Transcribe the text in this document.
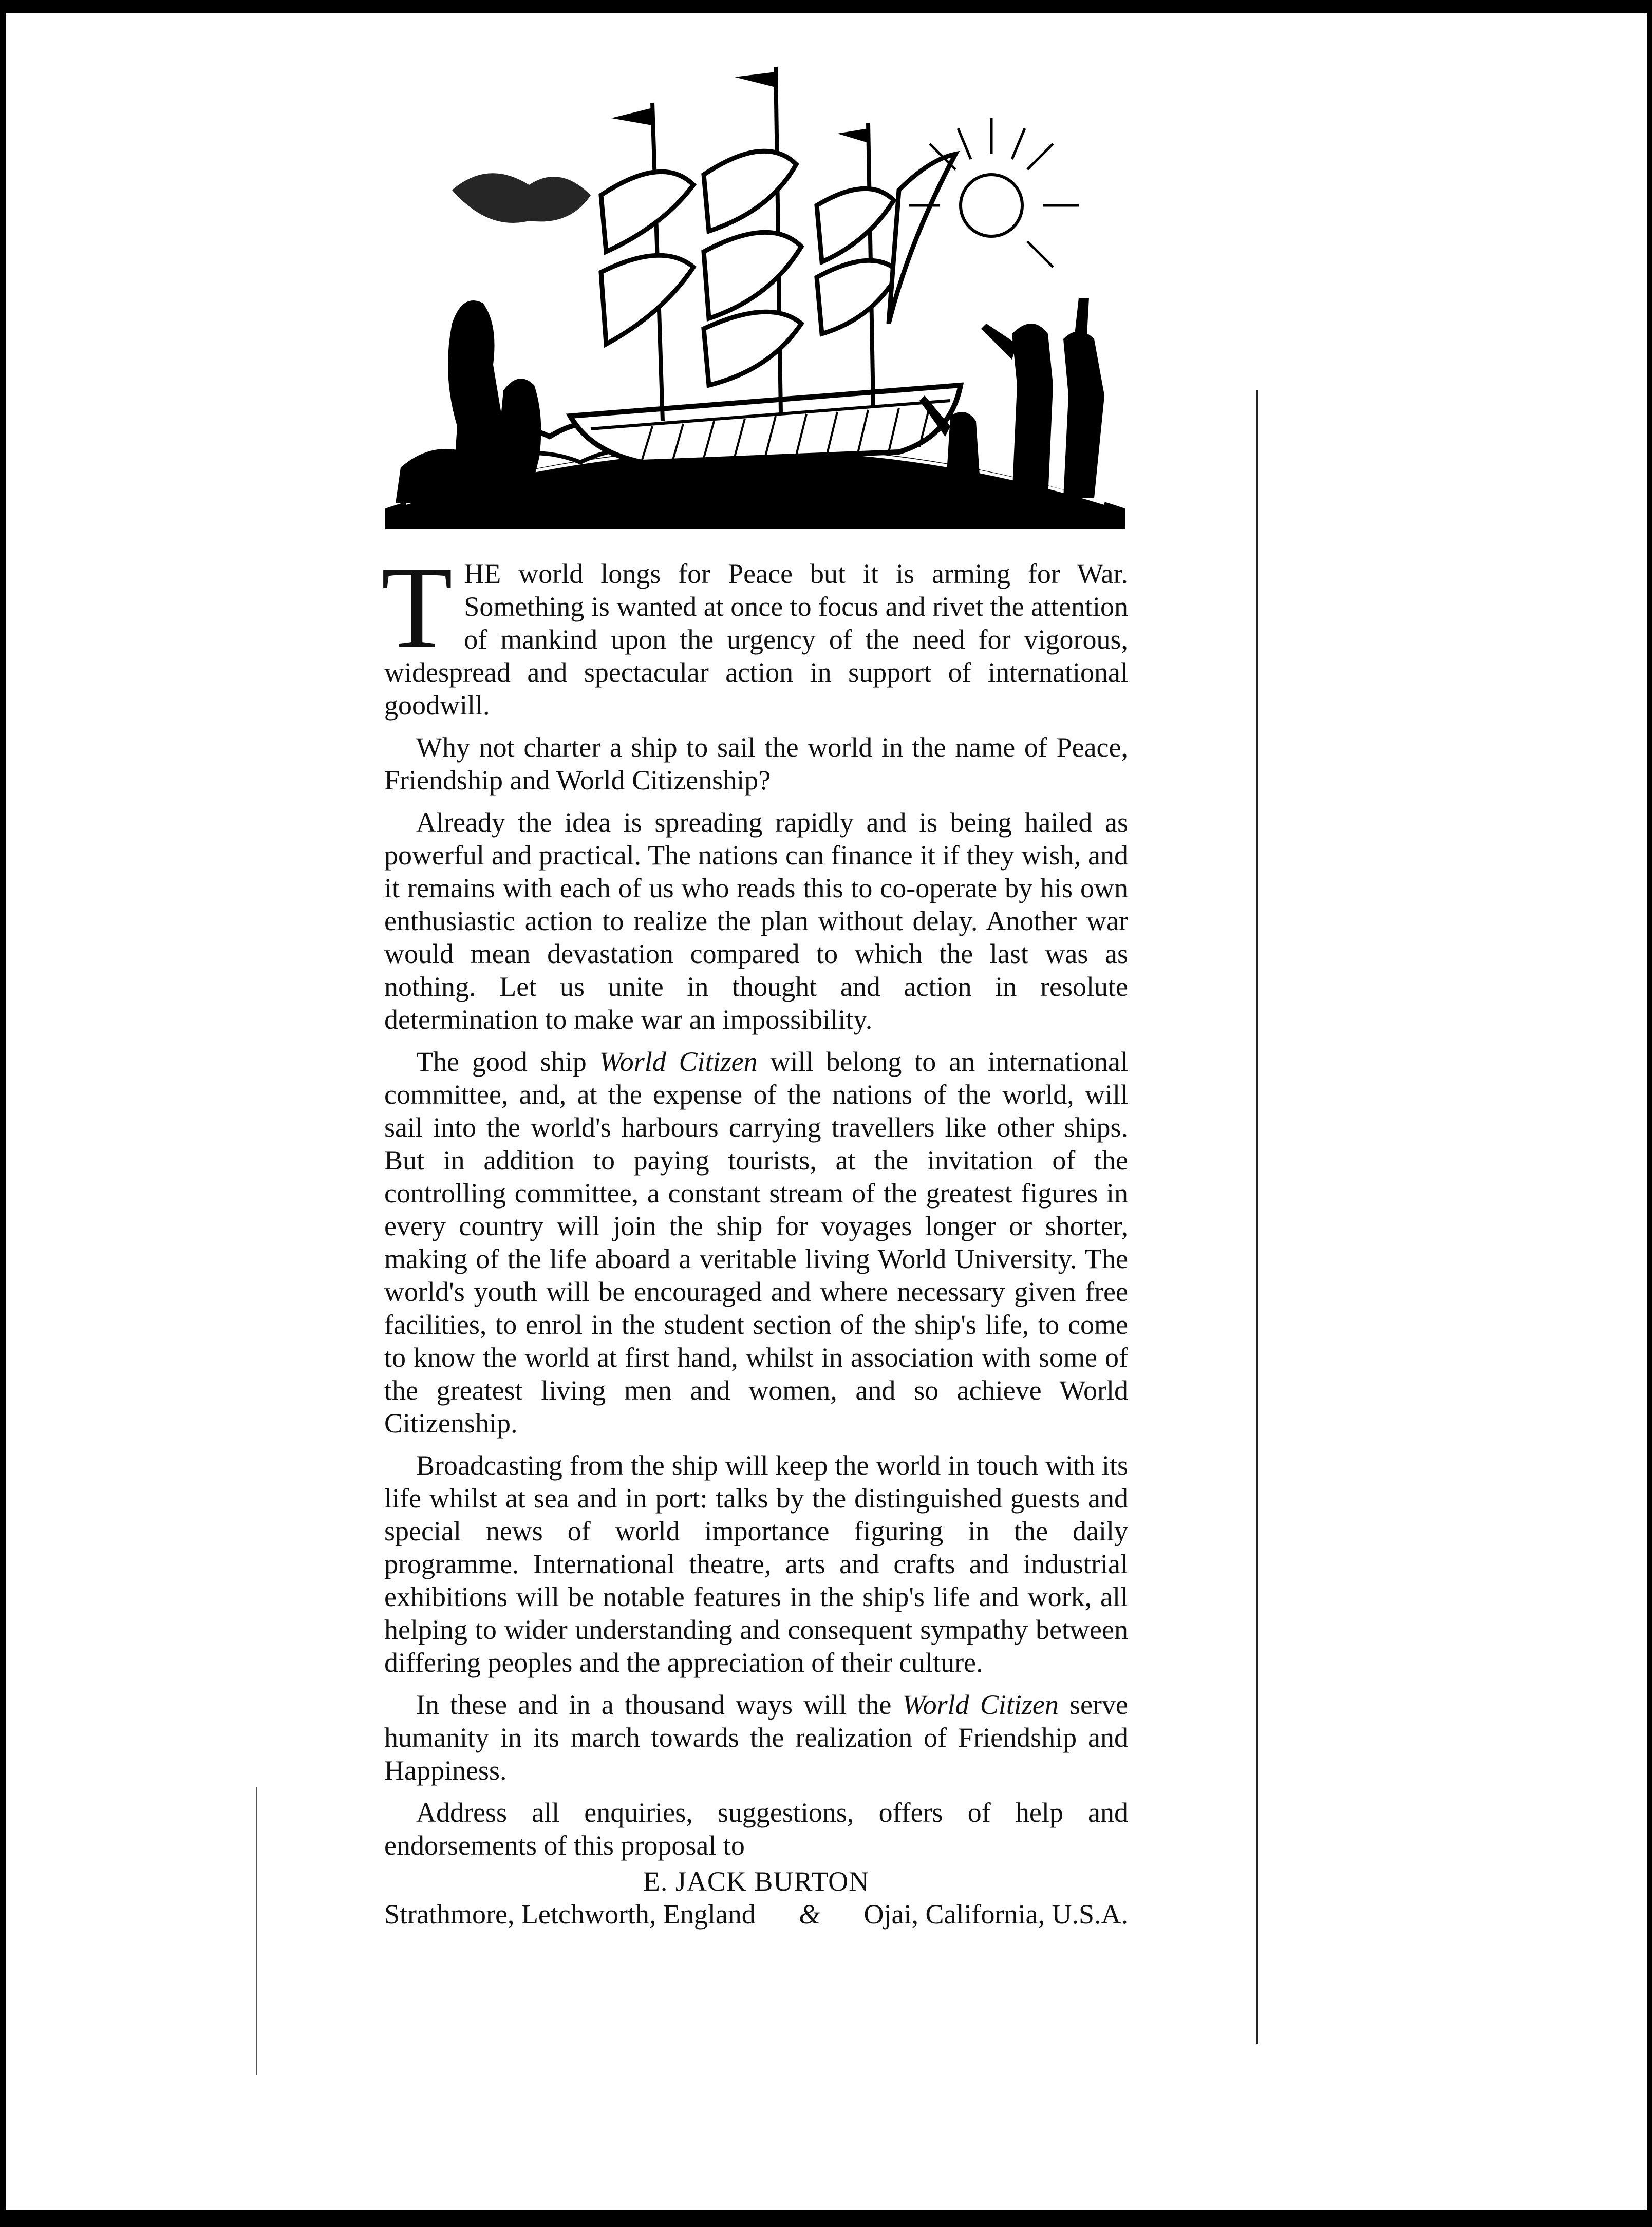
THE world longs for Peace but it is arming for War. Something is wanted at once to focus and rivet the attention of mankind upon the urgency of the need for vigorous, widespread and spectacular action in support of international goodwill.

Why not charter a ship to sail the world in the name of Peace, Friendship and World Citizenship?

Already the idea is spreading rapidly and is being hailed as powerful and practical. The nations can finance it if they wish, and it remains with each of us who reads this to co-operate by his own enthusiastic action to realize the plan without delay. Another war would mean devastation compared to which the last was as nothing. Let us unite in thought and action in resolute determination to make war an impossibility.

The good ship World Citizen will belong to an international committee, and, at the expense of the nations of the world, will sail into the world's harbours carrying travellers like other ships. But in addition to paying tourists, at the invitation of the controlling committee, a constant stream of the greatest figures in every country will join the ship for voyages longer or shorter, making of the life aboard a veritable living World University. The world's youth will be encouraged and where necessary given free facilities, to enrol in the student section of the ship's life, to come to know the world at first hand, whilst in association with some of the greatest living men and women, and so achieve World Citizenship.

Broadcasting from the ship will keep the world in touch with its life whilst at sea and in port: talks by the distinguished guests and special news of world importance figuring in the daily programme. International theatre, arts and crafts and industrial exhibitions will be notable features in the ship's life and work, all helping to wider understanding and consequent sympathy between differing peoples and the appreciation of their culture.

In these and in a thousand ways will the World Citizen serve humanity in its march towards the realization of Friendship and Happiness.

Address all enquiries, suggestions, offers of help and endorsements of this proposal to

E. JACK BURTON
Strathmore, Letchworth, England & Ojai, California, U.S.A.
